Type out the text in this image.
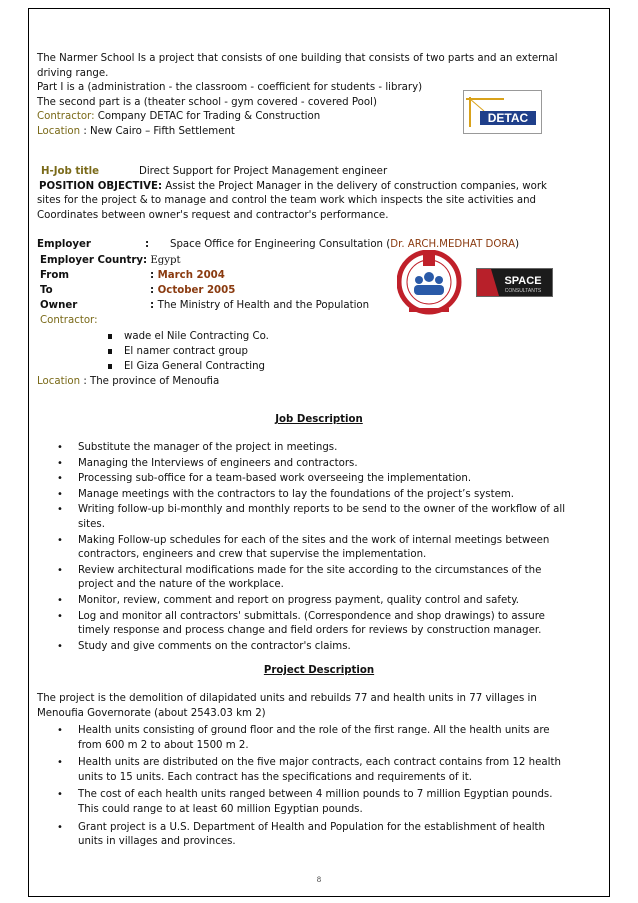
The Narmer School Is a project that consists of one building that consists of two parts and an external
driving range.
Part I is a (administration - the classroom - coefficient for students - library)
The second part is a (theater school - gym covered - covered Pool)
Contractor: Company DETAC for Trading & Construction
Location : New Cairo – Fifth Settlement
DETAC
H-Job title	Direct Support for Project Management engineer
POSITION OBJECTIVE: Assist the Project Manager in the delivery of construction companies, work
sites for the project & to manage and control the team work which inspects the site activities and
Coordinates between owner's request and contractor's performance.
Employer	: Space Office for Engineering Consultation (Dr. ARCH.MEDHAT DORA)
Employer Country: Egypt
From	: March 2004
To	: October 2005
Owner	: The Ministry of Health and the Population
Contractor:
wade el Nile Contracting Co.
El namer contract group
El Giza General Contracting
Location : The province of Menoufia
SPACE
CONSULTANTS
Job Description
• Substitute the manager of the project in meetings.
• Managing the Interviews of engineers and contractors.
• Processing sub-office for a team-based work overseeing the implementation.
• Manage meetings with the contractors to lay the foundations of the project’s system.
• Writing follow-up bi-monthly and monthly reports to be send to the owner of the workflow of all
sites.
• Making Follow-up schedules for each of the sites and the work of internal meetings between
contractors, engineers and crew that supervise the implementation.
• Review architectural modifications made for the site according to the circumstances of the
project and the nature of the workplace.
• Monitor, review, comment and report on progress payment, quality control and safety.
• Log and monitor all contractors' submittals. (Correspondence and shop drawings) to assure
timely response and process change and field orders for reviews by construction manager.
• Study and give comments on the contractor's claims.
Project Description
The project is the demolition of dilapidated units and rebuilds 77 and health units in 77 villages in
Menoufia Governorate (about 2543.03 km 2)
• Health units consisting of ground floor and the role of the first range. All the health units are
from 600 m 2 to about 1500 m 2.
• Health units are distributed on the five major contracts, each contract contains from 12 health
units to 15 units. Each contract has the specifications and requirements of it.
• The cost of each health units ranged between 4 million pounds to 7 million Egyptian pounds.
This could range to at least 60 million Egyptian pounds.
• Grant project is a U.S. Department of Health and Population for the establishment of health
units in villages and provinces.
8
